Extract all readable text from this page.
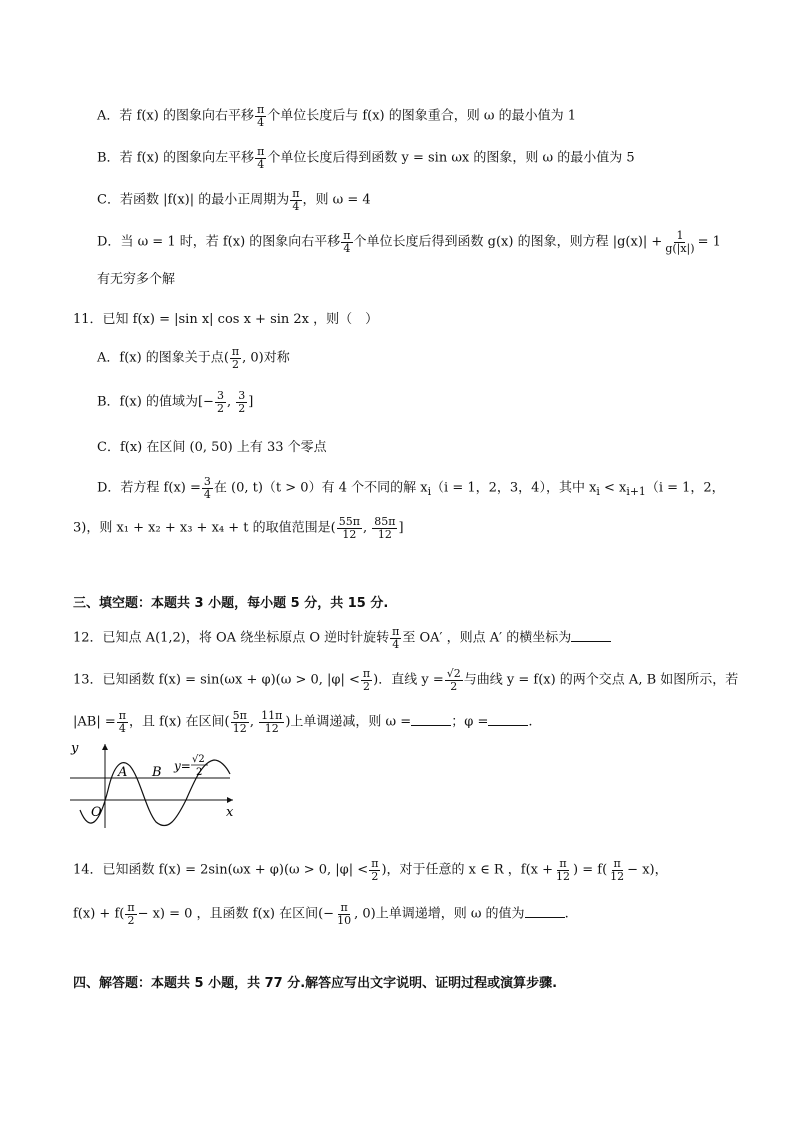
A．若 f(x) 的图象向右平移 $\frac{\pi}{4}$ 个单位长度后与 f(x) 的图象重合，则 ω 的最小值为 1
B．若 f(x) 的图象向左平移 $\frac{\pi}{4}$ 个单位长度后得到函数 y = sin ωx 的图象，则 ω 的最小值为 5
C．若函数 |f(x)| 的最小正周期为 $\frac{\pi}{4}$ ，则 ω = 4
D．当 ω = 1 时，若 f(x) 的图象向右平移 $\frac{\pi}{4}$ 个单位长度后得到函数 g(x) 的图象，则方程 $|g(x)| + \frac{1}{g(|x|)} = 1$
有无穷多个解
11．已知 f(x) = |sin x| cos x + sin 2x ，则（　）
A．f(x) 的图象关于点( $\frac{\pi}{2}$ , 0)对称
B．f(x) 的值域为[− $\frac{3}{2}$ , $\frac{3}{2}$ ]
C．f(x) 在区间 (0, 50) 上有 33 个零点
D．若方程 $f(x) = \frac{3}{4}$ 在 (0, t)（t > 0）有 4 个不同的解 $x_i(i = 1$，2，3，4），其中 $x_i < x_{i+1}(i = 1$，2，
3)，则 x₁ + x₂ + x₃ + x₄ + t 的取值范围是( $\frac{55\pi}{12}$ , $\frac{85\pi}{12}$ ]
三、填空题：本题共 3 小题，每小题 5 分，共 15 分.
12．已知点 A(1,2)，将 OA 绕坐标原点 O 逆时针旋转 $\frac{\pi}{4}$ 至 OA′ ，则点 A′ 的横坐标为
13．已知函数 f(x) = sin(ωx + φ)(ω > 0, $|\varphi| < \frac{\pi}{2}$ )．直线 $y = \frac{√2}{2}$ 与曲线 y = f(x) 的两个交点 A, B 如图所示，若
$|AB| = \frac{\pi}{4}$ ，且 f(x) 在区间( $\frac{5\pi}{12}$ , $\frac{11\pi}{12}$ )上单调递减，则 ω =	；φ =	.
y
x
O
A B y= √2
2
14．已知函数 f(x) = 2sin(ωx + φ)(ω > 0, $|\varphi| < \frac{\pi}{2}$ )，对于任意的 x ∈ R ，$f(x + \frac{\pi}{12}$ ) = $f( \frac{\pi}{12} - x)$，
$f(x) + f( \frac{\pi}{2} - x) = 0$ ，且函数 f(x) 在区间(− $\frac{\pi}{10}$ , 0)上单调递增，则 ω 的值为	.
四、解答题：本题共 5 小题，共 77 分.解答应写出文字说明、证明过程或演算步骤.
